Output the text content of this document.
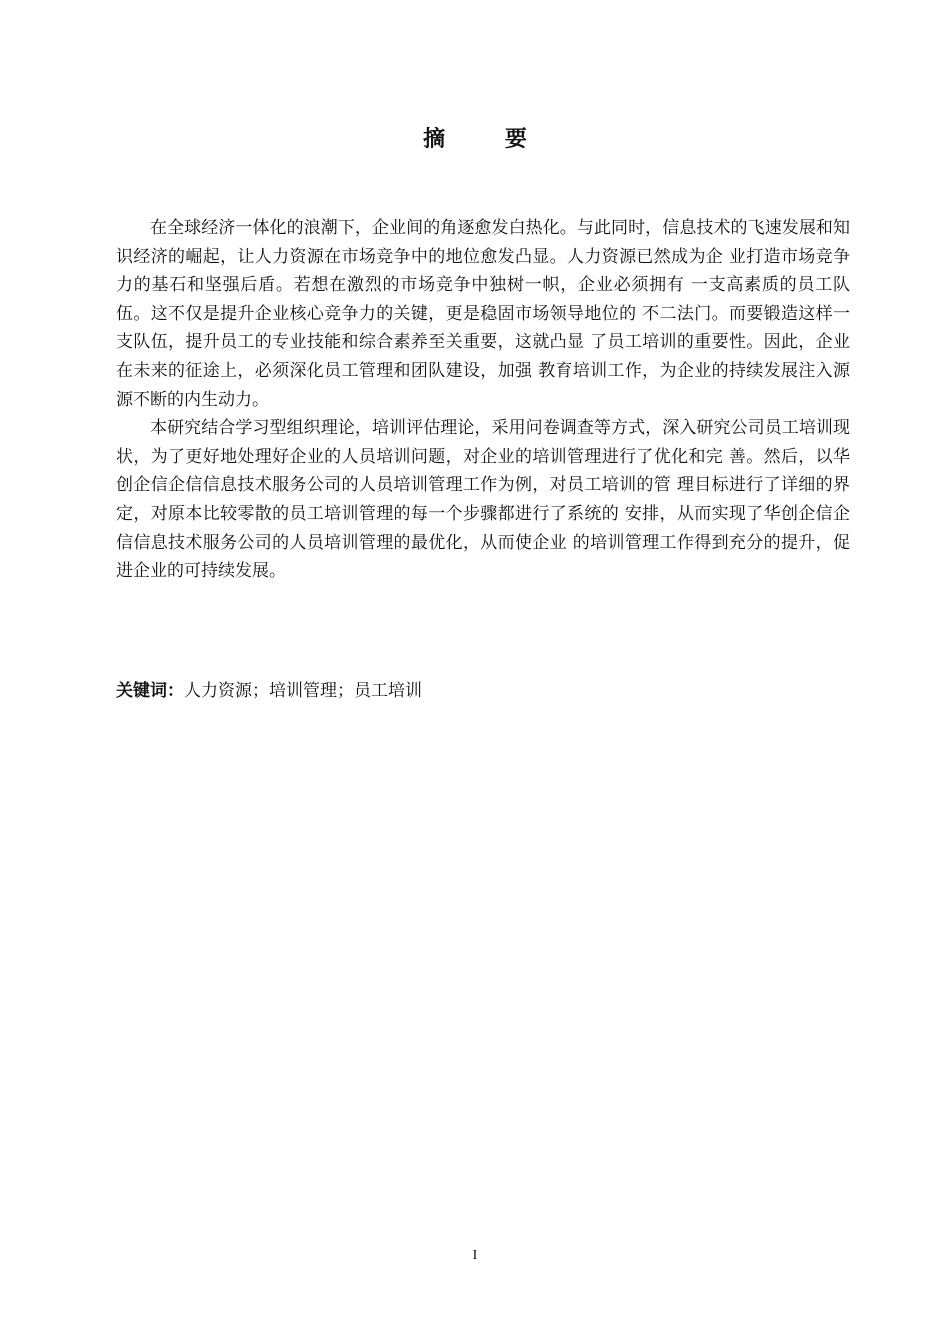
摘 要

在全球经济一体化的浪潮下，企业间的角逐愈发白热化。与此同时，信息技术的飞速发展和知识经济的崛起，让人力资源在市场竞争中的地位愈发凸显。人力资源已然成为企 业打造市场竞争力的基石和坚强后盾。若想在激烈的市场竞争中独树一帜，企业必须拥有 一支高素质的员工队伍。这不仅是提升企业核心竞争力的关键，更是稳固市场领导地位的 不二法门。而要锻造这样一支队伍，提升员工的专业技能和综合素养至关重要，这就凸显 了员工培训的重要性。因此，企业在未来的征途上，必须深化员工管理和团队建设，加强 教育培训工作，为企业的持续发展注入源源不断的内生动力。

本研究结合学习型组织理论，培训评估理论，采用问卷调查等方式，深入研究公司员工培训现状，为了更好地处理好企业的人员培训问题，对企业的培训管理进行了优化和完 善。然后，以华创企信企信信息技术服务公司的人员培训管理工作为例，对员工培训的管 理目标进行了详细的界定，对原本比较零散的员工培训管理的每一个步骤都进行了系统的 安排，从而实现了华创企信企信信息技术服务公司的人员培训管理的最优化，从而使企业 的培训管理工作得到充分的提升，促进企业的可持续发展。

关键词：人力资源；培训管理；员工培训
I
